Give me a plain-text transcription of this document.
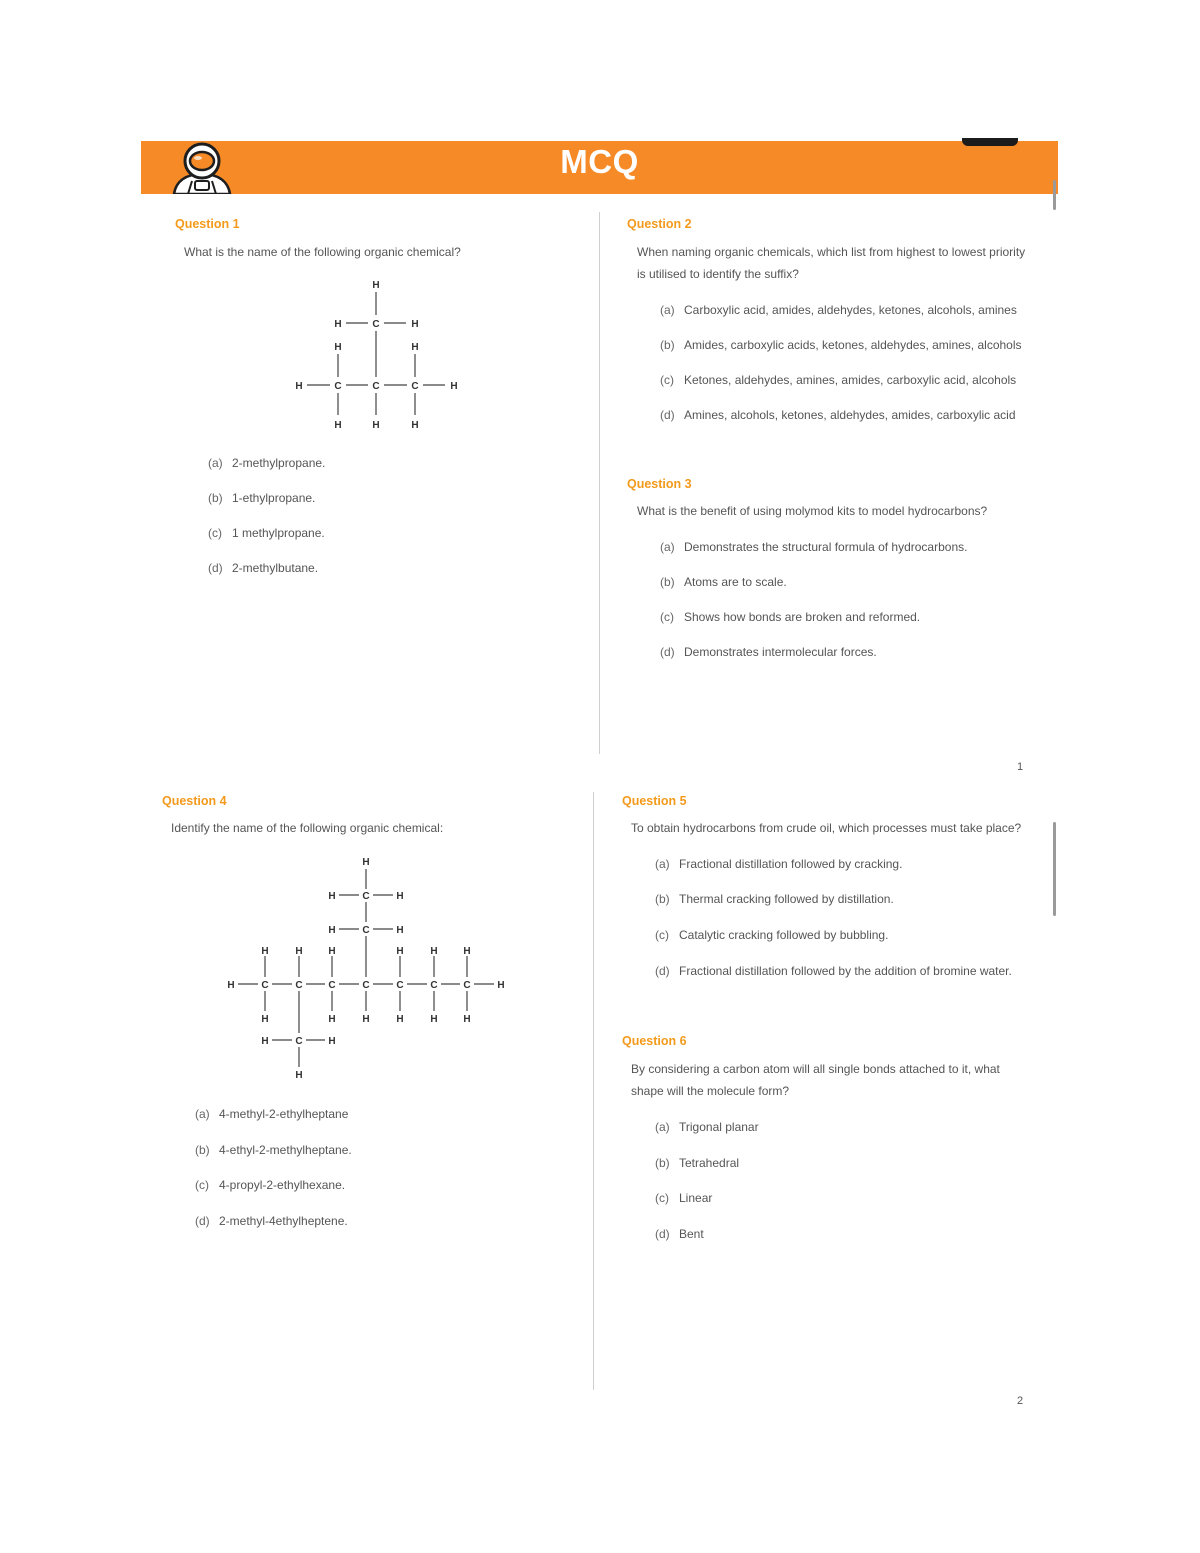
MCQ
Question 1
What is the name of the following organic chemical?
H
H	C	H
H	H
H	C	C	C	H
H	H	H
(a) 2-methylpropane.
(b) 1-ethylpropane.
(c) 1 methylpropane.
(d) 2-methylbutane.
Question 2
When naming organic chemicals, which list from highest to lowest priority
is utilised to identify the suffix?
(a) Carboxylic acid, amides, aldehydes, ketones, alcohols, amines
(b) Amides, carboxylic acids, ketones, aldehydes, amines, alcohols
(c) Ketones, aldehydes, amines, amides, carboxylic acid, alcohols
(d) Amines, alcohols, ketones, aldehydes, amides, carboxylic acid
Question 3
What is the benefit of using molymod kits to model hydrocarbons?
(a) Demonstrates the structural formula of hydrocarbons.
(b) Atoms are to scale.
(c) Shows how bonds are broken and reformed.
(d) Demonstrates intermolecular forces.
1
Question 4
Identify the name of the following organic chemical:
H
H	C	H
H	C	H
H	H	H	H	H	H
H	C	C	C	C	C	C	C	H
H	H	H	H	H	H
H	C	H
H
(a) 4-methyl-2-ethylheptane
(b) 4-ethyl-2-methylheptane.
(c) 4-propyl-2-ethylhexane.
(d) 2-methyl-4ethylheptene.
Question 5
To obtain hydrocarbons from crude oil, which processes must take place?
(a) Fractional distillation followed by cracking.
(b) Thermal cracking followed by distillation.
(c) Catalytic cracking followed by bubbling.
(d) Fractional distillation followed by the addition of bromine water.
Question 6
By considering a carbon atom will all single bonds attached to it, what
shape will the molecule form?
(a) Trigonal planar
(b) Tetrahedral
(c) Linear
(d) Bent
2
